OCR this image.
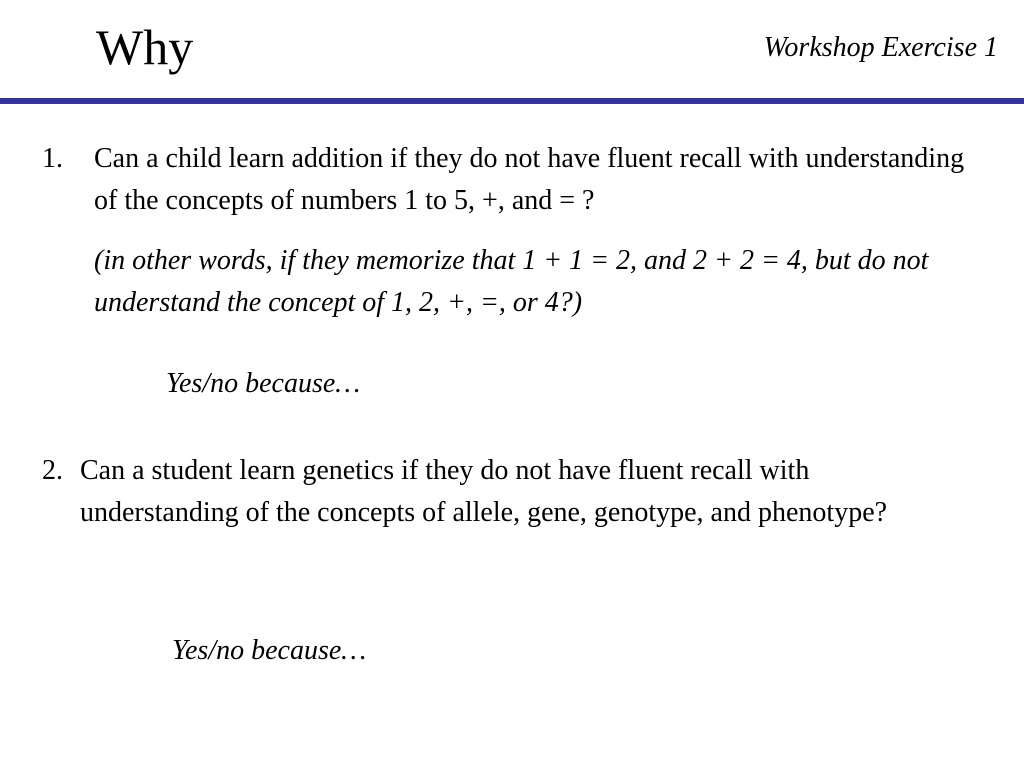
Why	Workshop Exercise 1
1. Can a child learn addition if they do not have fluent recall with understanding of the concepts of numbers 1 to 5, +, and = ?

(in other words, if they memorize that 1 + 1 = 2, and 2 + 2 = 4, but do not understand the concept of 1, 2, +, =, or 4?)

Yes/no because…
2. Can a student learn genetics if they do not have fluent recall with understanding of the concepts of allele, gene, genotype, and phenotype?

Yes/no because…
